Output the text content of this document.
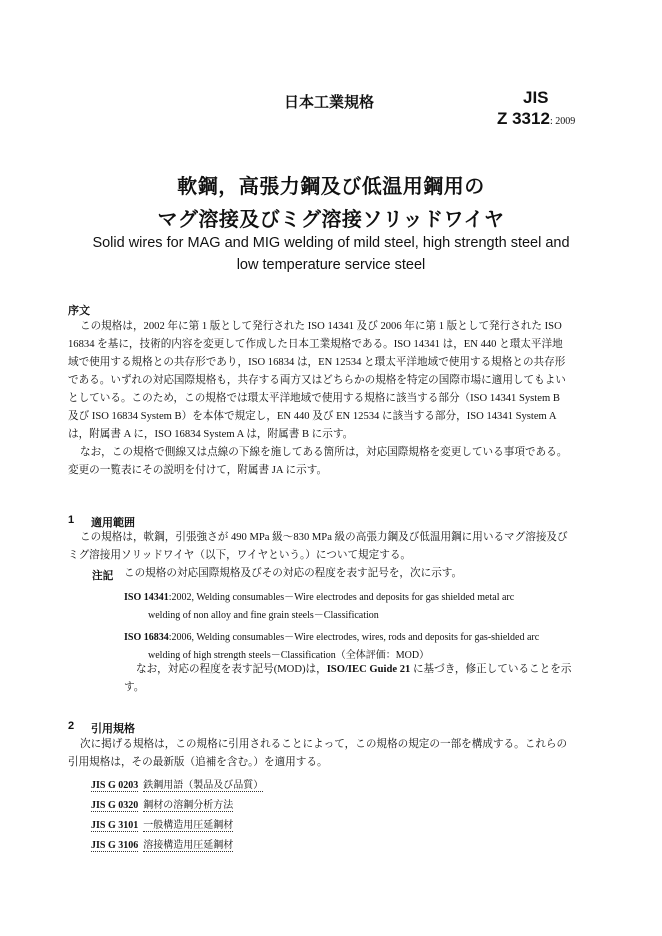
日本工業規格	JIS
Z 3312: 2009
軟鋼，高張力鋼及び低温用鋼用の
マグ溶接及びミグ溶接ソリッドワイヤ
Solid wires for MAG and MIG welding of mild steel, high strength steel and
low temperature service steel
序文
この規格は，2002 年に第 1 版として発行された ISO 14341 及び 2006 年に第 1 版として発行された ISO
16834 を基に，技術的内容を変更して作成した日本工業規格である。ISO 14341 は，EN 440 と環太平洋地
域で使用する規格との共存形であり，ISO 16834 は，EN 12534 と環太平洋地域で使用する規格との共存形
である。いずれの対応国際規格も，共存する両方又はどちらかの規格を特定の国際市場に適用してもよい
としている。このため，この規格では環太平洋地域で使用する規格に該当する部分（ISO 14341 System B
及び ISO 16834 System B）を本体で規定し，EN 440 及び EN 12534 に該当する部分，ISO 14341 System A
は，附属書 A に，ISO 16834 System A は，附属書 B に示す。
なお，この規格で側線又は点線の下線を施してある箇所は，対応国際規格を変更している事項である。
変更の一覧表にその説明を付けて，附属書 JA に示す。
1 適用範囲
この規格は，軟鋼，引張強さが 490 MPa 級～830 MPa 級の高張力鋼及び低温用鋼に用いるマグ溶接及び
ミグ溶接用ソリッドワイヤ（以下，ワイヤという。）について規定する。
注記 この規格の対応国際規格及びその対応の程度を表す記号を，次に示す。
ISO 14341:2002, Welding consumables－Wire electrodes and deposits for gas shielded metal arc
welding of non alloy and fine grain steels－Classification
ISO 16834:2006, Welding consumables－Wire electrodes, wires, rods and deposits for gas-shielded arc
welding of high strength steels－Classification（全体評価：MOD）
なお，対応の程度を表す記号(MOD)は，ISO/IEC Guide 21 に基づき，修正していることを示
す。
2 引用規格
次に掲げる規格は，この規格に引用されることによって，この規格の規定の一部を構成する。これらの
引用規格は，その最新版（追補を含む。）を適用する。
JIS G 0203 鉄鋼用語（製品及び品質）
JIS G 0320 鋼材の溶鋼分析方法
JIS G 3101 一般構造用圧延鋼材
JIS G 3106 溶接構造用圧延鋼材
